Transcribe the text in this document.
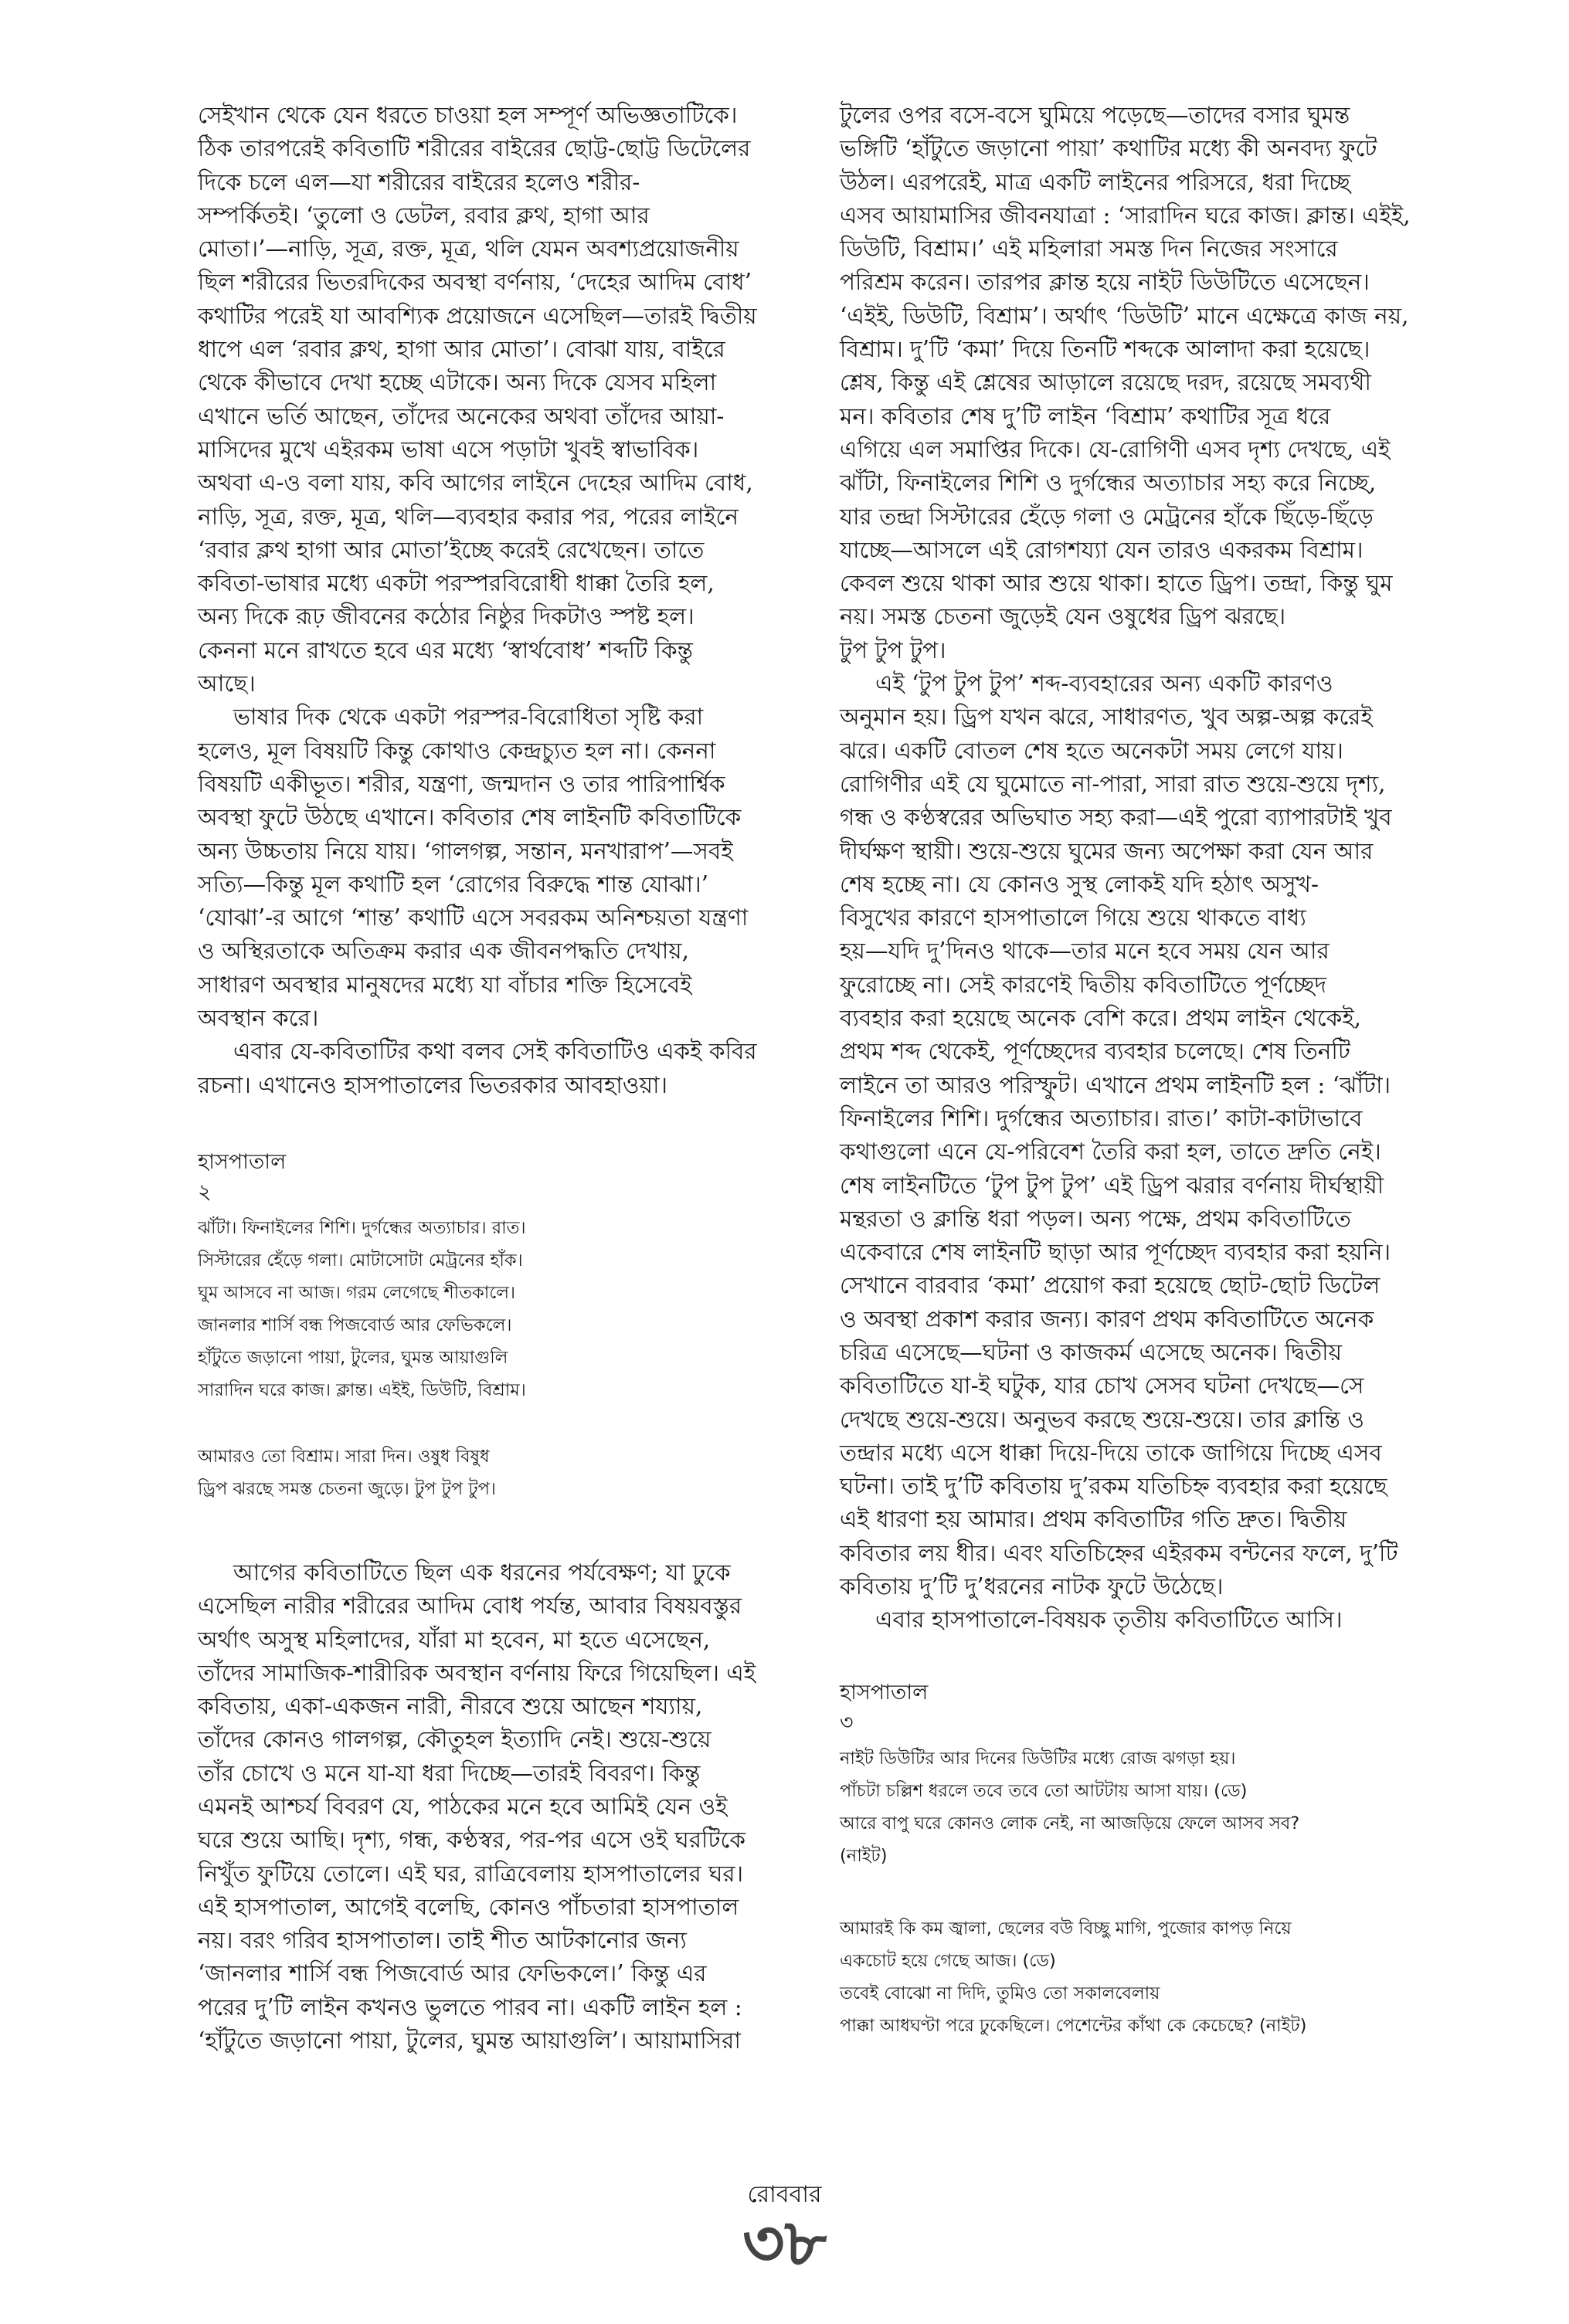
সেইখান থেকে যেন ধরতে চাওয়া হল সম্পূর্ণ অভিজ্ঞতাটিকে।

ঠিক তারপরেই কবিতাটি শরীরের বাইরের ছোট্ট-ছোট্ট ডিটেলের

দিকে চলে এল—যা শরীরের বাইরের হলেও শরীর-

সম্পর্কিতই। ‘তুলো ও ডেটল, রবার ক্লথ, হাগা আর

মোতা।’—নাড়ি, সূত্র, রক্ত, মূত্র, থলি যেমন অবশ্যপ্রয়োজনীয়

ছিল শরীরের ভিতরদিকের অবস্থা বর্ণনায়, ‘দেহের আদিম বোধ’

কথাটির পরেই যা আবশ্যিক প্রয়োজনে এসেছিল—তারই দ্বিতীয়

ধাপে এল ‘রবার ক্লথ, হাগা আর মোতা’। বোঝা যায়, বাইরে

থেকে কীভাবে দেখা হচ্ছে এটাকে। অন্য দিকে যেসব মহিলা

এখানে ভর্তি আছেন, তাঁদের অনেকের অথবা তাঁদের আয়া-

মাসিদের মুখে এইরকম ভাষা এসে পড়াটা খুবই স্বাভাবিক।

অথবা এ-ও বলা যায়, কবি আগের লাইনে দেহের আদিম বোধ,

নাড়ি, সূত্র, রক্ত, মূত্র, থলি—ব্যবহার করার পর, পরের লাইনে

‘রবার ক্লথ হাগা আর মোতা’ইচ্ছে করেই রেখেছেন। তাতে

কবিতা-ভাষার মধ্যে একটা পরস্পরবিরোধী ধাক্কা তৈরি হল,

অন্য দিকে রূঢ় জীবনের কঠোর নিষ্ঠুর দিকটাও স্পষ্ট হল।

কেননা মনে রাখতে হবে এর মধ্যে ‘স্বার্থবোধ’ শব্দটি কিন্তু

আছে।

ভাষার দিক থেকে একটা পরস্পর-বিরোধিতা সৃষ্টি করা

হলেও, মূল বিষয়টি কিন্তু কোথাও কেন্দ্রচ্যুত হল না। কেননা

বিষয়টি একীভূত। শরীর, যন্ত্রণা, জন্মদান ও তার পারিপার্শ্বিক

অবস্থা ফুটে উঠছে এখানে। কবিতার শেষ লাইনটি কবিতাটিকে

অন্য উচ্চতায় নিয়ে যায়। ‘গালগল্প, সন্তান, মনখারাপ’—সবই

সত্যি—কিন্তু মূল কথাটি হল ‘রোগের বিরুদ্ধে শান্ত যোঝা।’

‘যোঝা’-র আগে ‘শান্ত’ কথাটি এসে সবরকম অনিশ্চয়তা যন্ত্রণা

ও অস্থিরতাকে অতিক্রম করার এক জীবনপদ্ধতি দেখায়,

সাধারণ অবস্থার মানুষদের মধ্যে যা বাঁচার শক্তি হিসেবেই

অবস্থান করে।

এবার যে-কবিতাটির কথা বলব সেই কবিতাটিও একই কবির

রচনা। এখানেও হাসপাতালের ভিতরকার আবহাওয়া।

হাসপাতাল

২

ঝাঁটা। ফিনাইলের শিশি। দুর্গন্ধের অত্যাচার। রাত।

সিস্টারের হেঁড়ে গলা। মোটাসোটা মেট্রনের হাঁক।

ঘুম আসবে না আজ। গরম লেগেছে শীতকালে।

জানলার শার্সি বন্ধ পিজবোর্ড আর ফেভিকলে।

হাঁটুতে জড়ানো পায়া, টুলের, ঘুমন্ত আয়াগুলি

সারাদিন ঘরে কাজ। ক্লান্ত। এইই, ডিউটি, বিশ্রাম।

আমারও তো বিশ্রাম। সারা দিন। ওষুধ বিষুধ

ড্রিপ ঝরছে সমস্ত চেতনা জুড়ে। টুপ টুপ টুপ।

আগের কবিতাটিতে ছিল এক ধরনের পর্যবেক্ষণ; যা ঢুকে

এসেছিল নারীর শরীরের আদিম বোধ পর্যন্ত, আবার বিষয়বস্তুর

অর্থাৎ অসুস্থ মহিলাদের, যাঁরা মা হবেন, মা হতে এসেছেন,

তাঁদের সামাজিক-শারীরিক অবস্থান বর্ণনায় ফিরে গিয়েছিল। এই

কবিতায়, একা-একজন নারী, নীরবে শুয়ে আছেন শয্যায়,

তাঁদের কোনও গালগল্প, কৌতুহল ইত্যাদি নেই। শুয়ে-শুয়ে

তাঁর চোখে ও মনে যা-যা ধরা দিচ্ছে—তারই বিবরণ। কিন্তু

এমনই আশ্চর্য বিবরণ যে, পাঠকের মনে হবে আমিই যেন ওই

ঘরে শুয়ে আছি। দৃশ্য, গন্ধ, কণ্ঠস্বর, পর-পর এসে ওই ঘরটিকে

নিখুঁত ফুটিয়ে তোলে। এই ঘর, রাত্রিবেলায় হাসপাতালের ঘর।

এই হাসপাতাল, আগেই বলেছি, কোনও পাঁচতারা হাসপাতাল

নয়। বরং গরিব হাসপাতাল। তাই শীত আটকানোর জন্য

‘জানলার শার্সি বন্ধ পিজবোর্ড আর ফেভিকলে।’ কিন্তু এর

পরের দু’টি লাইন কখনও ভুলতে পারব না। একটি লাইন হল :

‘হাঁটুতে জড়ানো পায়া, টুলের, ঘুমন্ত আয়াগুলি’। আয়ামাসিরা

টুলের ওপর বসে-বসে ঘুমিয়ে পড়েছে—তাদের বসার ঘুমন্ত

ভঙ্গিটি ‘হাঁটুতে জড়ানো পায়া’ কথাটির মধ্যে কী অনবদ্য ফুটে

উঠল। এরপরেই, মাত্র একটি লাইনের পরিসরে, ধরা দিচ্ছে

এসব আয়ামাসির জীবনযাত্রা : ‘সারাদিন ঘরে কাজ। ক্লান্ত। এইই,

ডিউটি, বিশ্রাম।’ এই মহিলারা সমস্ত দিন নিজের সংসারে

পরিশ্রম করেন। তারপর ক্লান্ত হয়ে নাইট ডিউটিতে এসেছেন।

‘এইই, ডিউটি, বিশ্রাম’। অর্থাৎ ‘ডিউটি’ মানে এক্ষেত্রে কাজ নয়,

বিশ্রাম। দু’টি ‘কমা’ দিয়ে তিনটি শব্দকে আলাদা করা হয়েছে।

শ্লেষ, কিন্তু এই শ্লেষের আড়ালে রয়েছে দরদ, রয়েছে সমব্যথী

মন। কবিতার শেষ দু’টি লাইন ‘বিশ্রাম’ কথাটির সূত্র ধরে

এগিয়ে এল সমাপ্তির দিকে। যে-রোগিণী এসব দৃশ্য দেখছে, এই

ঝাঁটা, ফিনাইলের শিশি ও দুর্গন্ধের অত্যাচার সহ্য করে নিচ্ছে,

যার তন্দ্রা সিস্টারের হেঁড়ে গলা ও মেট্রনের হাঁকে ছিঁড়ে-ছিঁড়ে

যাচ্ছে—আসলে এই রোগশয্যা যেন তারও একরকম বিশ্রাম।

কেবল শুয়ে থাকা আর শুয়ে থাকা। হাতে ড্রিপ। তন্দ্রা, কিন্তু ঘুম

নয়। সমস্ত চেতনা জুড়েই যেন ওষুধের ড্রিপ ঝরছে।

টুপ টুপ টুপ।

এই ‘টুপ টুপ টুপ’ শব্দ-ব্যবহারের অন্য একটি কারণও

অনুমান হয়। ড্রিপ যখন ঝরে, সাধারণত, খুব অল্প-অল্প করেই

ঝরে। একটি বোতল শেষ হতে অনেকটা সময় লেগে যায়।

রোগিণীর এই যে ঘুমোতে না-পারা, সারা রাত শুয়ে-শুয়ে দৃশ্য,

গন্ধ ও কণ্ঠস্বরের অভিঘাত সহ্য করা—এই পুরো ব্যাপারটাই খুব

দীর্ঘক্ষণ স্থায়ী। শুয়ে-শুয়ে ঘুমের জন্য অপেক্ষা করা যেন আর

শেষ হচ্ছে না। যে কোনও সুস্থ লোকই যদি হঠাৎ অসুখ-

বিসুখের কারণে হাসপাতালে গিয়ে শুয়ে থাকতে বাধ্য

হয়—যদি দু’দিনও থাকে—তার মনে হবে সময় যেন আর

ফুরোচ্ছে না। সেই কারণেই দ্বিতীয় কবিতাটিতে পূর্ণচ্ছেদ

ব্যবহার করা হয়েছে অনেক বেশি করে। প্রথম লাইন থেকেই,

প্রথম শব্দ থেকেই, পূর্ণচ্ছেদের ব্যবহার চলেছে। শেষ তিনটি

লাইনে তা আরও পরিস্ফুট। এখানে প্রথম লাইনটি হল : ‘ঝাঁটা।

ফিনাইলের শিশি। দুর্গন্ধের অত্যাচার। রাত।’ কাটা-কাটাভাবে

কথাগুলো এনে যে-পরিবেশ তৈরি করা হল, তাতে দ্রুতি নেই।

শেষ লাইনটিতে ‘টুপ টুপ টুপ’ এই ড্রিপ ঝরার বর্ণনায় দীর্ঘস্থায়ী

মন্থরতা ও ক্লান্তি ধরা পড়ল। অন্য পক্ষে, প্রথম কবিতাটিতে

একেবারে শেষ লাইনটি ছাড়া আর পূর্ণচ্ছেদ ব্যবহার করা হয়নি।

সেখানে বারবার ‘কমা’ প্রয়োগ করা হয়েছে ছোট-ছোট ডিটেল

ও অবস্থা প্রকাশ করার জন্য। কারণ প্রথম কবিতাটিতে অনেক

চরিত্র এসেছে—ঘটনা ও কাজকর্ম এসেছে অনেক। দ্বিতীয়

কবিতাটিতে যা-ই ঘটুক, যার চোখ সেসব ঘটনা দেখছে—সে

দেখছে শুয়ে-শুয়ে। অনুভব করছে শুয়ে-শুয়ে। তার ক্লান্তি ও

তন্দ্রার মধ্যে এসে ধাক্কা দিয়ে-দিয়ে তাকে জাগিয়ে দিচ্ছে এসব

ঘটনা। তাই দু’টি কবিতায় দু’রকম যতিচিহ্ন ব্যবহার করা হয়েছে

এই ধারণা হয় আমার। প্রথম কবিতাটির গতি দ্রুত। দ্বিতীয়

কবিতার লয় ধীর। এবং যতিচিহ্নের এইরকম বন্টনের ফলে, দু’টি

কবিতায় দু’টি দু’ধরনের নাটক ফুটে উঠেছে।

এবার হাসপাতালে-বিষয়ক তৃতীয় কবিতাটিতে আসি।

হাসপাতাল

৩

নাইট ডিউটির আর দিনের ডিউটির মধ্যে রোজ ঝগড়া হয়।

পাঁচটা চল্লিশ ধরলে তবে তবে তো আটটায় আসা যায়। (ডে)

আরে বাপু ঘরে কোনও লোক নেই, না আজড়িয়ে ফেলে আসব সব?

(নাইট)

আমারই কি কম জ্বালা, ছেলের বউ বিচ্ছু মাগি, পুজোর কাপড় নিয়ে

একচোট হয়ে গেছে আজ। (ডে)

তবেই বোঝো না দিদি, তুমিও তো সকালবেলায়

পাক্কা আধঘণ্টা পরে ঢুকেছিলে। পেশেন্টের কাঁথা কে কেচেছে? (নাইট)

রোববার
৩৮
